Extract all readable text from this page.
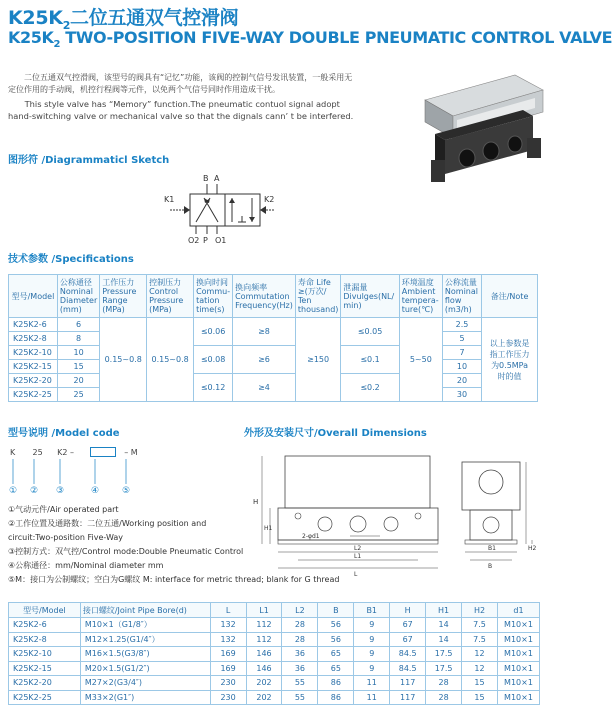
$K25K_2$二位五通双气控滑阀
$K25K_2$ TWO-POSITION FIVE-WAY DOUBLE PNEUMATIC CONTROL VALVE

二位五通双气控滑阀，该型号的阀具有“记忆”功能，该阀的控制气信号发讯装置，一般采用无定位作用的手动阀，机控行程阀等元件，以免两个气信号同时作用造成干扰。

This style valve has “Memory” function.The pneumatic contuol signal adopt hand-switching valve or mechanical valve so that the dignals cann’ t be interfered.

图形符 /Diagrammaticl Sketch
B A
K1	K2
O2 P O1
技术参数 /Specifications
型号/Model	公称通径 Nominal Diameter (mm)	工作压力 Pressure Range (MPa)	控制压力 Control Pressure (MPa)	换向时间 Commu-tation time(s)	换向频率 Commutation Frequency(Hz)	寿命 Life ≥(万次/ Ten thousand)	泄漏量 Divulges(NL/ min)	环境温度 Ambient tempera-ture(℃)	公称流量 Nominal flow (m3/h)	备注/Note
K25K2-6	6	0.15~0.8	0.15~0.8	≤0.06	≥8	≥150	≤0.05	5~50	2.5	以上参数是指工作压力为0.5MPa时的值
K25K2-8	8								5	
K25K2-10	10			≤0.08	≥6		≤0.1		7	
K25K2-15	15								10	
K25K2-20	20			≤0.12	≥4		≤0.2		20	
K25K2-25	25								30	
型号说明 /Model code
K 25 K2 –	– M
① ② ③	④	⑤
①气动元件/Air operated part
②工作位置及通路数：二位五通/Working position and
circuit:Two-position Five-Way
③控制方式：双气控/Control mode:Double Pneumatic Control
④公称通径：mm/Nominal diameter mm
⑤M：接口为公制螺纹；空白为G螺纹 M: interface for metric thread; blank for G thread
外形及安装尺寸/Overall Dimensions
H
H1
L2
L1
L
2-φd1
B1
B
H2
型号/Model	接口螺纹/Joint Pipe Bore(d)	L	L1	L2	B	B1	H	H1	H2	d1
K25K2-6	M10×1（G1/8″）	132	112	28	56	9	67	14	7.5	M10×1
K25K2-8	M12×1.25(G1/4″）	132	112	28	56	9	67	14	7.5	M10×1
K25K2-10	M16×1.5(G3/8″)	169	146	36	65	9	84.5	17.5	12	M10×1
K25K2-15	M20×1.5(G1/2″)	169	146	36	65	9	84.5	17.5	12	M10×1
K25K2-20	M27×2(G3/4″)	230	202	55	86	11	117	28	15	M10×1
K25K2-25	M33×2(G1″)	230	202	55	86	11	117	28	15	M10×1
